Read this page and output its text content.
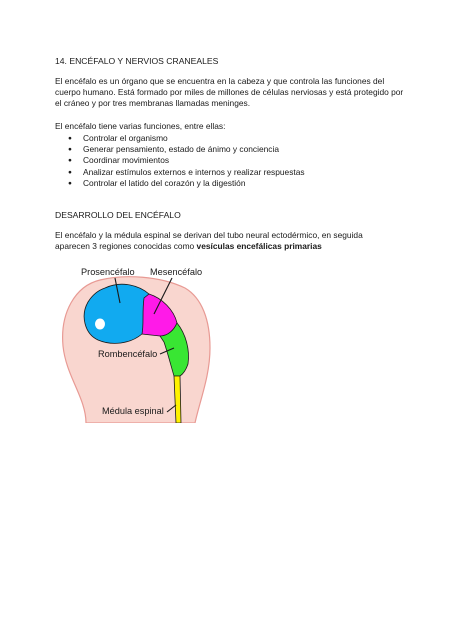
14. ENCÉFALO Y NERVIOS CRANEALES

El encéfalo es un órgano que se encuentra en la cabeza y que controla las funciones del cuerpo humano. Está formado por miles de millones de células nerviosas y está protegido por el cráneo y por tres membranas llamadas meninges.

El encéfalo tiene varias funciones, entre ellas:

● Controlar el organismo
● Generar pensamiento, estado de ánimo y conciencia
● Coordinar movimientos
● Analizar estímulos externos e internos y realizar respuestas
● Controlar el latido del corazón y la digestión

DESARROLLO DEL ENCÉFALO

El encéfalo y la médula espinal se derivan del tubo neural ectodérmico, en seguida aparecen 3 regiones conocidas como vesículas encefálicas primarias

Prosencéfalo Mesencéfalo
Rombencéfalo
Médula espinal
